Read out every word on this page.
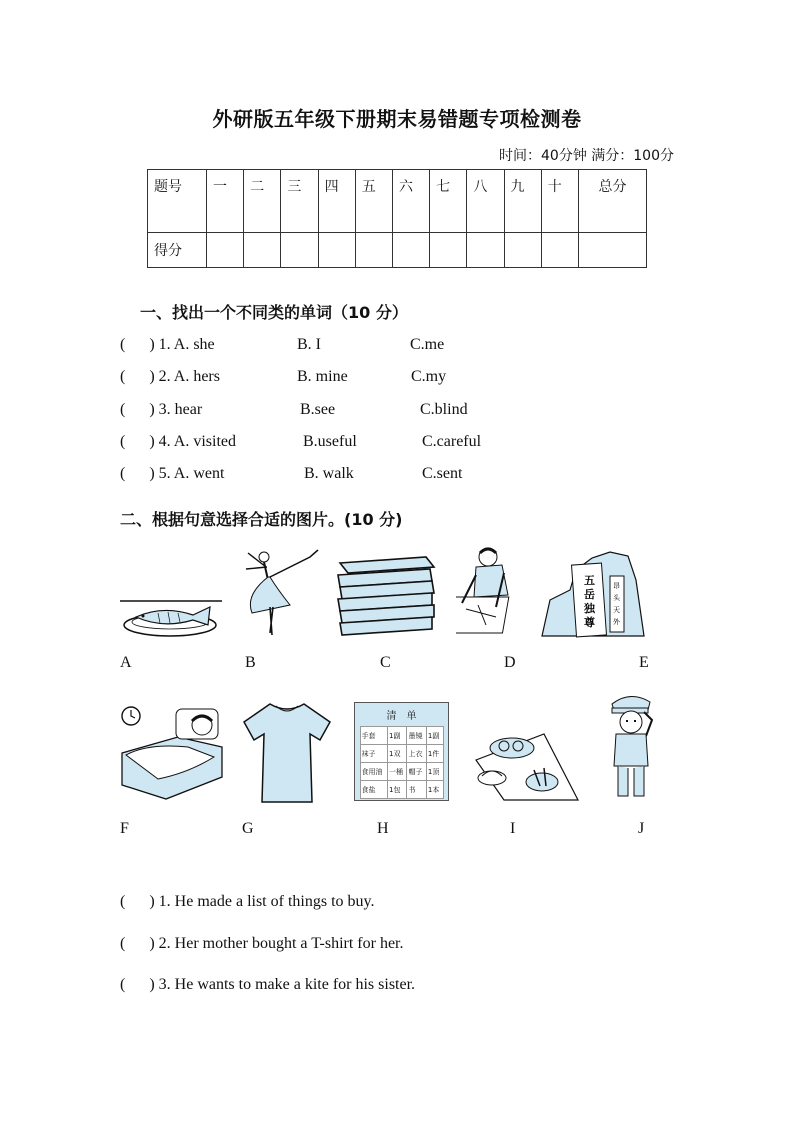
外研版五年级下册期末易错题专项检测卷
时间：40分钟 满分：100分
题号	一	二	三	四	五	六	七	八	九	十	总分
得分											
一、找出一个不同类的单词（10 分）
(      ) 1. A. she	B. I	C.me
(      ) 2. A. hers	B. mine	C.my
(      ) 3. hear	B.see	C.blind
(      ) 4. A. visited	B.useful	C.careful
(      ) 5. A. went	B. walk	C.sent
二、根据句意选择合适的图片。(10 分)
五
岳
独
尊
昂
头
天
外
A	B	C	D	E
清　单
手套	1副	墨镜	1副
袜子	1双	上衣	1件
食用油	一桶	帽子	1顶
食盐	1包	书	1本
F	G	H	I	J
(      ) 1. He made a list of things to buy.
(      ) 2. Her mother bought a T-shirt for her.
(      ) 3. He wants to make a kite for his sister.
